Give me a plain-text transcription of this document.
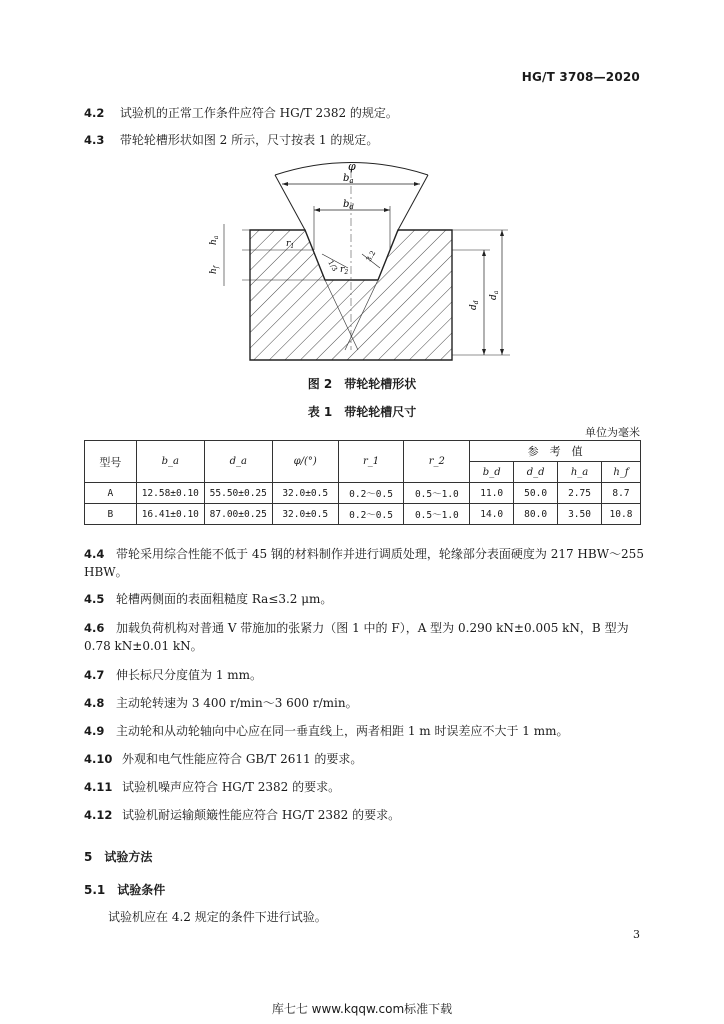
HG/T 3708—2020
4.2 试验机的正常工作条件应符合 HG/T 2382 的规定。
4.3 带轮轮槽形状如图 2 所示，尺寸按表 1 的规定。
φ
$b_a$
$b_d$
$h_a$
$h_f$
$r_1$
$r_2$
1/3
3.2
$d_d$
$d_a$
图 2　带轮轮槽形状
表 1　带轮轮槽尺寸
单位为毫米
型号	b_a	d_a	φ/(°)	r_1	r_2	参　考　值			
						b_d	d_d	h_a	h_f
A	12.58±0.10	55.50±0.25	32.0±0.5	0.2～0.5	0.5～1.0	11.0	50.0	2.75	8.7
B	16.41±0.10	87.00±0.25	32.0±0.5	0.2～0.5	0.5～1.0	14.0	80.0	3.50	10.8
4.4 带轮采用综合性能不低于 45 钢的材料制作并进行调质处理，轮缘部分表面硬度为 217 HBW～255 HBW。
4.5 轮槽两侧面的表面粗糙度 Ra≤3.2 μm。
4.6 加载负荷机构对普通 V 带施加的张紧力（图 1 中的 F），A 型为 0.290 kN±0.005 kN，B 型为 0.78 kN±0.01 kN。
4.7 伸长标尺分度值为 1 mm。
4.8 主动轮转速为 3 400 r/min～3 600 r/min。
4.9 主动轮和从动轮轴向中心应在同一垂直线上，两者相距 1 m 时误差应不大于 1 mm。
4.10 外观和电气性能应符合 GB/T 2611 的要求。
4.11 试验机噪声应符合 HG/T 2382 的要求。
4.12 试验机耐运输颠簸性能应符合 HG/T 2382 的要求。
5 试验方法
5.1 试验条件
试验机应在 4.2 规定的条件下进行试验。
3
库七七 www.kqqw.com标准下载
